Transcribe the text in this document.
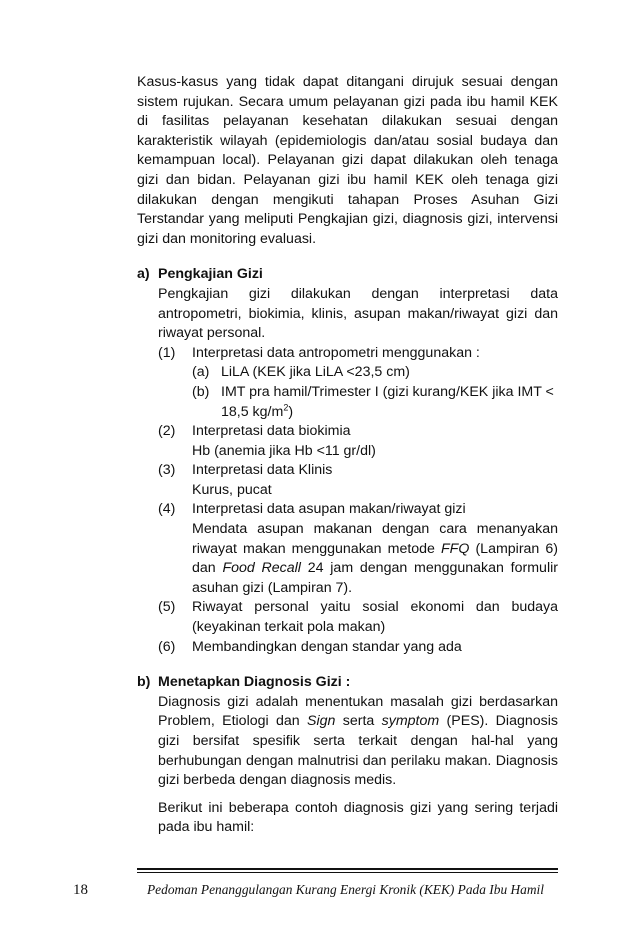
Kasus-kasus yang tidak dapat ditangani dirujuk sesuai dengan sistem rujukan. Secara umum pelayanan gizi pada ibu hamil KEK di fasilitas pelayanan kesehatan dilakukan sesuai dengan karakteristik wilayah (epidemiologis dan/atau sosial budaya dan kemampuan local). Pelayanan gizi dapat dilakukan oleh tenaga gizi dan bidan. Pelayanan gizi ibu hamil KEK oleh tenaga gizi dilakukan dengan mengikuti tahapan Proses Asuhan Gizi Terstandar yang meliputi Pengkajian gizi, diagnosis gizi, intervensi gizi dan monitoring evaluasi.

a) Pengkajian Gizi

Pengkajian gizi dilakukan dengan interpretasi data antropometri, biokimia, klinis, asupan makan/riwayat gizi dan riwayat personal.

(1)	Interpretasi data antropometri menggunakan :
(a) LiLA (KEK jika LiLA <23,5 cm)
(b) IMT pra hamil/Trimester I (gizi kurang/KEK jika IMT < 18,5 $kg/m^2$)
(2)	Interpretasi data biokimia
Hb (anemia jika Hb <11 gr/dl)
(3)	Interpretasi data Klinis
Kurus, pucat
(4)	Interpretasi data asupan makan/riwayat gizi
Mendata asupan makanan dengan cara menanyakan riwayat makan menggunakan metode FFQ (Lampiran 6) dan Food Recall 24 jam dengan menggunakan formulir asuhan gizi (Lampiran 7).
(5)	Riwayat personal yaitu sosial ekonomi dan budaya (keyakinan terkait pola makan)
(6)	Membandingkan dengan standar yang ada
b) Menetapkan Diagnosis Gizi :

Diagnosis gizi adalah menentukan masalah gizi berdasarkan Problem, Etiologi dan Sign serta symptom (PES). Diagnosis gizi bersifat spesifik serta terkait dengan hal-hal yang berhubungan dengan malnutrisi dan perilaku makan. Diagnosis gizi berbeda dengan diagnosis medis.

Berikut ini beberapa contoh diagnosis gizi yang sering terjadi pada ibu hamil:

18	Pedoman Penanggulangan Kurang Energi Kronik (KEK) Pada Ibu Hamil
